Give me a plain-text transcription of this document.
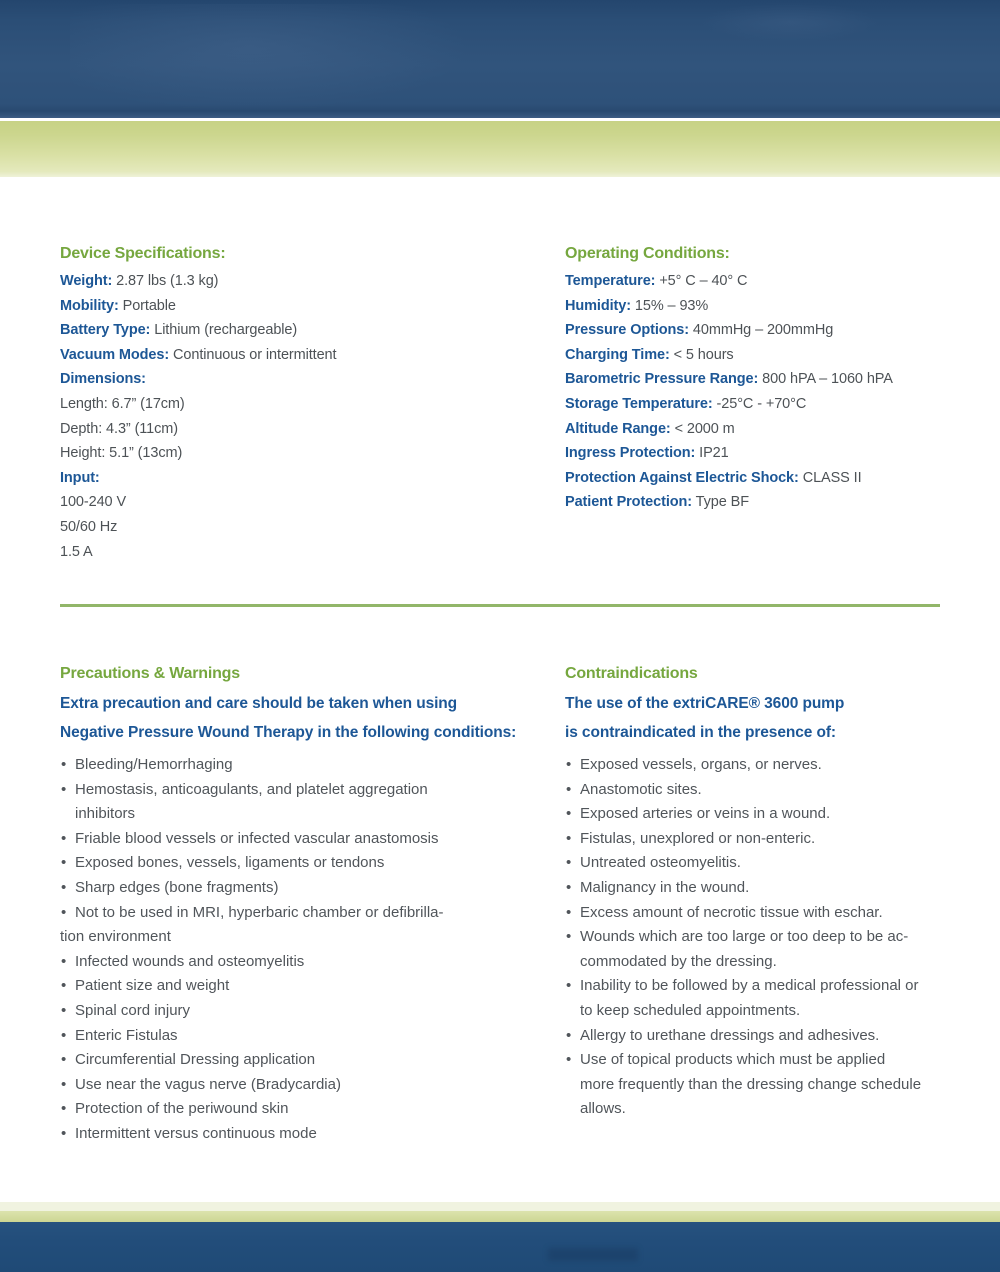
Device Specifications:
Weight: 2.87 lbs (1.3 kg)
Mobility: Portable
Battery Type: Lithium (rechargeable)
Vacuum Modes: Continuous or intermittent
Dimensions:
Length: 6.7” (17cm)
Depth: 4.3” (11cm)
Height: 5.1” (13cm)
Input:
100-240 V
50/60 Hz
1.5 A
Operating Conditions:
Temperature: +5° C – 40° C
Humidity: 15% – 93%
Pressure Options: 40mmHg – 200mmHg
Charging Time: < 5 hours
Barometric Pressure Range: 800 hPA – 1060 hPA
Storage Temperature: -25°C - +70°C
Altitude Range: < 2000 m
Ingress Protection: IP21
Protection Against Electric Shock: CLASS II
Patient Protection: Type BF
Precautions & Warnings
Extra precaution and care should be taken when using
Negative Pressure Wound Therapy in the following conditions:
• Bleeding/Hemorrhaging
• Hemostasis, anticoagulants, and platelet aggregation
inhibitors
• Friable blood vessels or infected vascular anastomosis
• Exposed bones, vessels, ligaments or tendons
• Sharp edges (bone fragments)
• Not to be used in MRI, hyperbaric chamber or defibrilla-
tion environment
• Infected wounds and osteomyelitis
• Patient size and weight
• Spinal cord injury
• Enteric Fistulas
• Circumferential Dressing application
• Use near the vagus nerve (Bradycardia)
• Protection of the periwound skin
• Intermittent versus continuous mode
Contraindications
The use of the extriCARE® 3600 pump
is contraindicated in the presence of:
• Exposed vessels, organs, or nerves.
• Anastomotic sites.
• Exposed arteries or veins in a wound.
• Fistulas, unexplored or non-enteric.
• Untreated osteomyelitis.
• Malignancy in the wound.
• Excess amount of necrotic tissue with eschar.
• Wounds which are too large or too deep to be ac-
commodated by the dressing.
• Inability to be followed by a medical professional or
to keep scheduled appointments.
• Allergy to urethane dressings and adhesives.
• Use of topical products which must be applied
more frequently than the dressing change schedule
allows.
